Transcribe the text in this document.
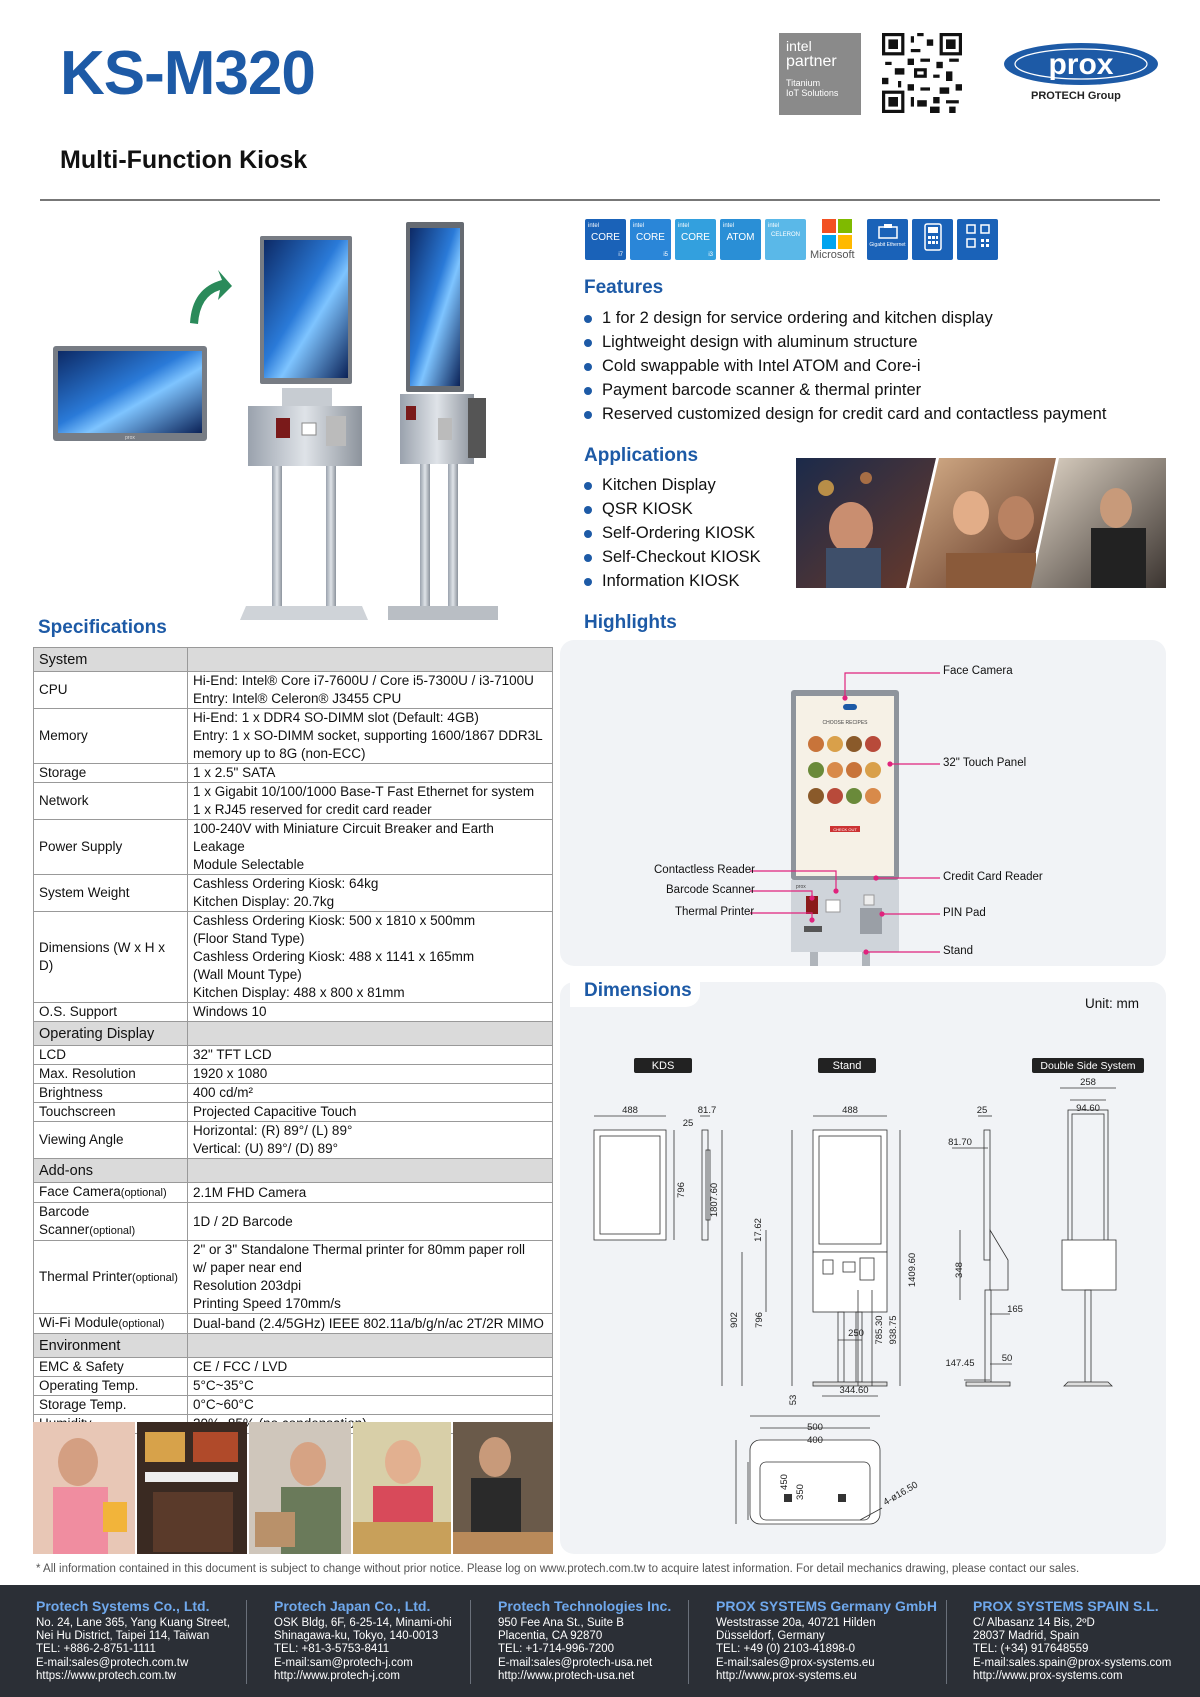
KS-M320
Multi-Function Kiosk
intel
partner
Titanium
IoT Solutions
prox
PROTECH Group
prox
intel
CORE
i7
intel
CORE
i5
intel
CORE
i3
intel
ATOM
intel
CELERON
Microsoft
Gigabit Ethernet
Features
1 for 2 design for service ordering and kitchen display
Lightweight design with aluminum structure
Cold swappable with Intel ATOM and Core-i
Payment barcode scanner & thermal printer
Reserved customized design for credit card and contactless payment
Applications
Kitchen Display
QSR KIOSK
Self-Ordering KIOSK
Self-Checkout KIOSK
Information KIOSK
Specifications
System	
CPU	Hi-End: Intel® Core i7-7600U / Core i5-7300U / i3-7100U
Entry: Intel® Celeron® J3455 CPU

Memory	Hi-End: 1 x DDR4 SO-DIMM slot (Default: 4GB)
Entry: 1 x SO-DIMM socket, supporting 1600/1867 DDR3L
memory up to 8G (non-ECC)

Storage	1 x 2.5" SATA

Network	1 x Gigabit 10/100/1000 Base-T Fast Ethernet for system
1 x RJ45 reserved for credit card reader

Power Supply	100-240V with Miniature Circuit Breaker and Earth Leakage
Module Selectable

System Weight	Cashless Ordering Kiosk: 64kg
Kitchen Display: 20.7kg

Dimensions (W x H x D)	Cashless Ordering Kiosk: 500 x 1810 x 500mm
(Floor Stand Type)
Cashless Ordering Kiosk: 488 x 1141 x 165mm
(Wall Mount Type)
Kitchen Display: 488 x 800 x 81mm

O.S. Support	Windows 10

Operating Display	
LCD	32" TFT LCD

Max. Resolution	1920 x 1080

Brightness	400 cd/m²

Touchscreen	Projected Capacitive Touch

Viewing Angle	Horizontal: (R) 89°/ (L) 89°
Vertical: (U) 89°/ (D) 89°

Add-ons	
Face Camera(optional)	2.1M FHD Camera

Barcode Scanner(optional)	1D / 2D Barcode

Thermal Printer(optional)	2" or 3" Standalone Thermal printer for 80mm paper roll
w/ paper near end
Resolution 203dpi
Printing Speed 170mm/s

Wi-Fi Module(optional)	Dual-band (2.4/5GHz) IEEE 802.11a/b/g/n/ac 2T/2R MIMO

Environment	
EMC & Safety	CE / FCC / LVD

Operating Temp.	5°C~35°C

Storage Temp.	0°C~60°C

Highlights
CHOOSE RECIPES
CHECK OUT
prox
Face Camera
32" Touch Panel
Contactless Reader
Barcode Scanner
Thermal Printer
Credit Card Reader
PIN Pad
Stand
Dimensions
Unit: mm
KDS	Stand	Double Side System
488	81.7
25
796
488
1807.60
902
17.62
796
1409.60
250
344.60
785.30 938.75
53
25
81.70
348
165
50
147.45
258
94.60
500
400
450
350	4-ø16.50
* All information contained in this document is subject to change without prior notice. Please log on www.protech.com.tw to acquire latest information. For detail mechanics drawing, please contact our sales.
Protech Systems Co., Ltd.
No. 24, Lane 365, Yang Kuang Street,
Nei Hu District, Taipei 114, Taiwan
TEL: +886-2-8751-1111
E-mail:sales@protech.com.tw
https://www.protech.com.tw
Protech Japan Co., Ltd.
OSK Bldg, 6F, 6-25-14, Minami-ohi
Shinagawa-ku, Tokyo, 140-0013
TEL: +81-3-5753-8411
E-mail:sam@protech-j.com
http://www.protech-j.com
Protech Technologies Inc.
950 Fee Ana St., Suite B
Placentia, CA 92870
TEL: +1-714-996-7200
E-mail:sales@protech-usa.net
http://www.protech-usa.net
PROX SYSTEMS Germany GmbH
Weststrasse 20a, 40721 Hilden
Düsseldorf, Germany
TEL: +49 (0) 2103-41898-0
E-mail:sales@prox-systems.eu
http://www.prox-systems.eu
PROX SYSTEMS SPAIN S.L.
C/ Albasanz 14 Bis, 2ºD
28037 Madrid, Spain
TEL: (+34) 917648559
E-mail:sales.spain@prox-systems.com
http://www.prox-systems.com
